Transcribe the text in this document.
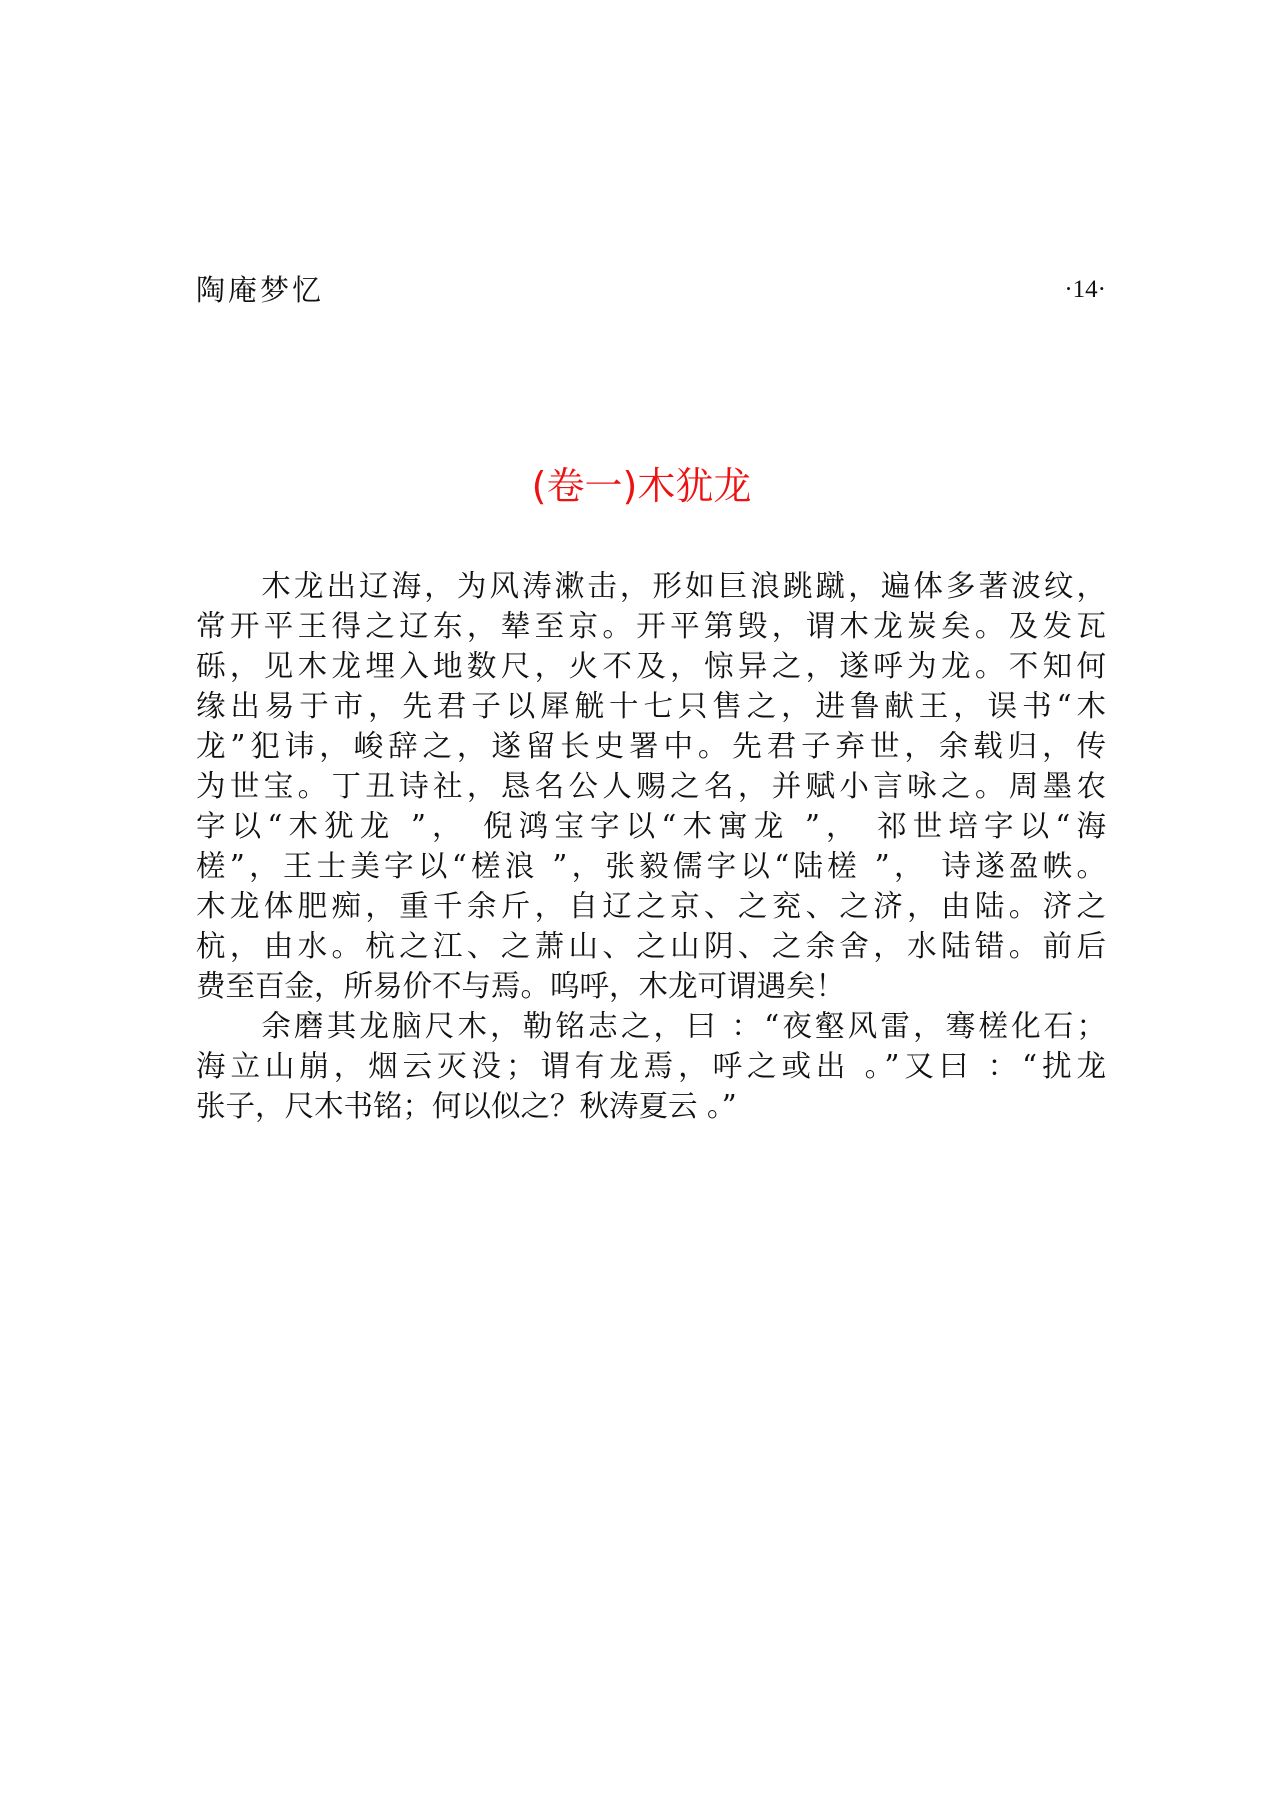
陶庵梦忆	·14·
(卷一)木犹龙
　　木龙出辽海，为风涛漱击，形如巨浪跳蹴，遍体多著波纹，
常开平王得之辽东，辇至京。开平第毁，谓木龙炭矣。及发瓦
砾，见木龙埋入地数尺，火不及，惊异之，遂呼为龙。不知何
缘出易于市，先君子以犀觥十七只售之，进鲁献王，误书“木
龙”犯讳，峻辞之，遂留长史署中。先君子弃世，余载归，传
为世宝。丁丑诗社，恳名公人赐之名，并赋小言咏之。周墨农
字以“木犹龙 ”， 倪鸿宝字以“木寓龙 ”， 祁世培字以“海
槎”，王士美字以“槎浪 ”，张毅儒字以“陆槎 ”， 诗遂盈帙。
木龙体肥痴，重千余斤，自辽之京、之兖、之济，由陆。济之
杭，由水。杭之江、之萧山、之山阴、之余舍，水陆错。前后
费至百金，所易价不与焉。呜呼，木龙可谓遇矣！
　　余磨其龙脑尺木，勒铭志之，曰 ：“夜壑风雷，骞槎化石；
海立山崩，烟云灭没；谓有龙焉，呼之或出 。”又曰 ：“扰龙
张子，尺木书铭；何以似之？秋涛夏云 。”
